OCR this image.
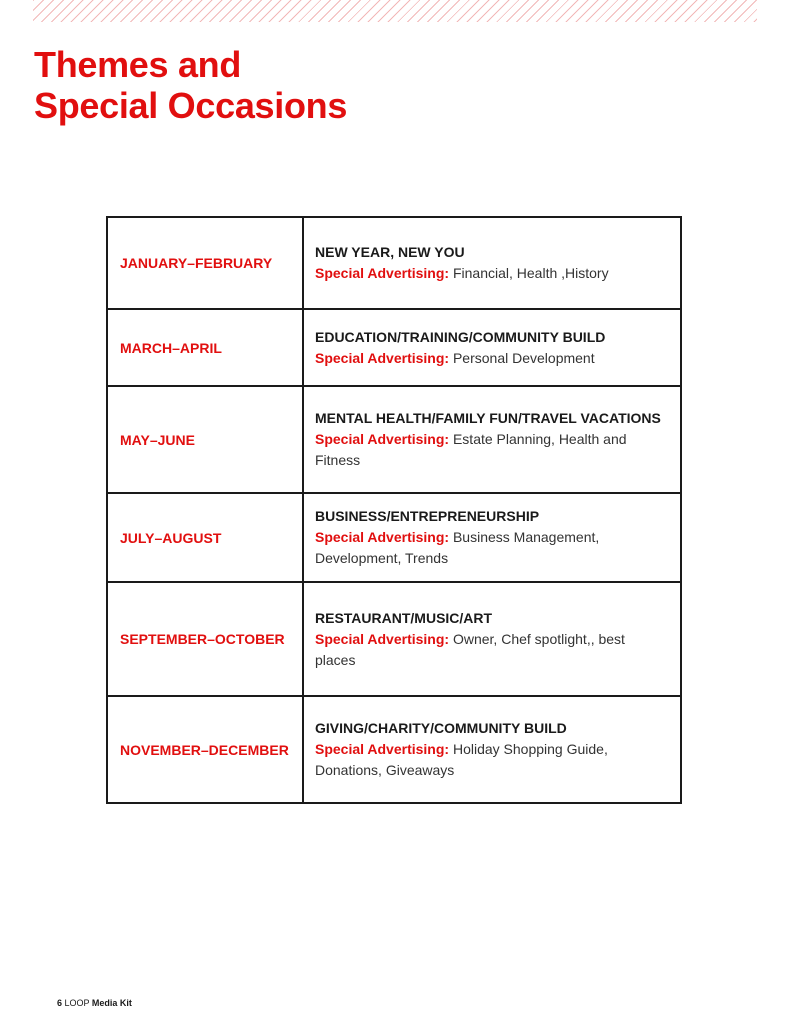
Themes and
Special Occasions
JANUARY–FEBRUARY	NEW YEAR, NEW YOU
Special Advertising: Financial, Health ,History

MARCH–APRIL	EDUCATION/TRAINING/COMMUNITY BUILD
Special Advertising: Personal Development

MAY–JUNE	MENTAL HEALTH/FAMILY FUN/TRAVEL VACATIONS
Special Advertising: Estate Planning, Health and Fitness

JULY–AUGUST	BUSINESS/ENTREPRENEURSHIP
Special Advertising: Business Management, Development, Trends

SEPTEMBER–OCTOBER	RESTAURANT/MUSIC/ART
Special Advertising: Owner, Chef spotlight,, best places

NOVEMBER–DECEMBER	GIVING/CHARITY/COMMUNITY BUILD
Special Advertising: Holiday Shopping Guide, Donations, Giveaways
6 LOOP Media Kit
